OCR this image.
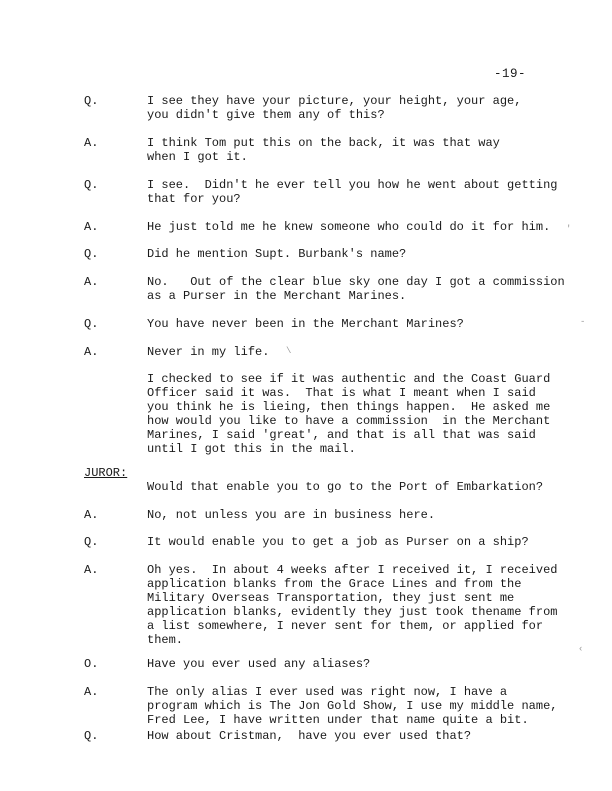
-19-
Q.	I see they have your picture, your height, your age,
you didn't give them any of this?
A.	I think Tom put this on the back, it was that way
when I got it.
Q.	I see.  Didn't he ever tell you how he went about getting
that for you?
A.	He just told me he knew someone who could do it for him.
Q.	Did he mention Supt. Burbank's name?
A.	No.   Out of the clear blue sky one day I got a commission
as a Purser in the Merchant Marines.
Q.	You have never been in the Merchant Marines?
A.	Never in my life.
I checked to see if it was authentic and the Coast Guard
Officer said it was.  That is what I meant when I said
you think he is lieing, then things happen.  He asked me
how would you like to have a commission  in the Merchant
Marines, I said 'great', and that is all that was said
until I got this in the mail.
JUROR:
Would that enable you to go to the Port of Embarkation?
A.	No, not unless you are in business here.
Q.	It would enable you to get a job as Purser on a ship?
A.	Oh yes.  In about 4 weeks after I received it, I received
application blanks from the Grace Lines and from the
Military Overseas Transportation, they just sent me
application blanks, evidently they just took thename from
a list somewhere, I never sent for them, or applied for
them.
O.	Have you ever used any aliases?
A.	The only alias I ever used was right now, I have a
program which is The Jon Gold Show, I use my middle name,
Fred Lee, I have written under that name quite a bit.
Q.	How about Cristman,  have you ever used that?
'
\
-
‹
